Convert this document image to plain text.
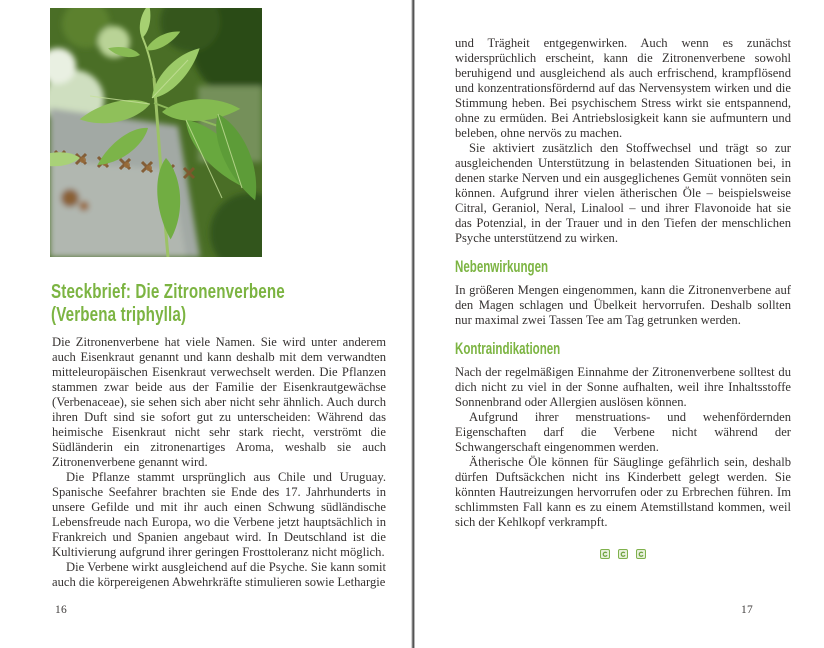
Steckbrief: Die Zitronenverbene
(Verbena triphylla)

Die Zitronenverbene hat viele Namen. Sie wird unter anderem auch Eisenkraut genannt und kann deshalb mit dem verwandten mitteleuropäischen Eisenkraut verwechselt werden. Die Pflanzen stammen zwar beide aus der Familie der Eisenkrautgewächse (Verbenaceae), sie sehen sich aber nicht sehr ähnlich. Auch durch ihren Duft sind sie sofort gut zu unterscheiden: Während das heimische Eisenkraut nicht sehr stark riecht, verströmt die Südländerin ein zitronenartiges Aroma, weshalb sie auch Zitronenverbene genannt wird.

Die Pflanze stammt ursprünglich aus Chile und Uruguay. Spanische Seefahrer brachten sie Ende des 17. Jahrhunderts in unsere Gefilde und mit ihr auch einen Schwung südländische Lebensfreude nach Europa, wo die Verbene jetzt hauptsächlich in Frankreich und Spanien angebaut wird. In Deutschland ist die Kultivierung aufgrund ihrer geringen Frosttoleranz nicht möglich.

Die Verbene wirkt ausgleichend auf die Psyche. Sie kann somit auch die körpereigenen Abwehrkräfte stimulieren sowie Lethargie

16

und Trägheit entgegenwirken. Auch wenn es zunächst widersprüchlich erscheint, kann die Zitronenverbene sowohl beruhigend und ausgleichend als auch erfrischend, krampflösend und konzentrationsfördernd auf das Nervensystem wirken und die Stimmung heben. Bei psychischem Stress wirkt sie entspannend, ohne zu ermüden. Bei Antriebslosigkeit kann sie aufmuntern und beleben, ohne nervös zu machen.

Sie aktiviert zusätzlich den Stoffwechsel und trägt so zur ausgleichenden Unterstützung in belastenden Situationen bei, in denen starke Nerven und ein ausgeglichenes Gemüt vonnöten sein können. Aufgrund ihrer vielen ätherischen Öle – beispielsweise Citral, Geraniol, Neral, Linalool – und ihrer Flavonoide hat sie das Potenzial, in der Trauer und in den Tiefen der menschlichen Psyche unterstützend zu wirken.

Nebenwirkungen

In größeren Mengen eingenommen, kann die Zitronenverbene auf den Magen schlagen und Übelkeit hervorrufen. Deshalb sollten nur maximal zwei Tassen Tee am Tag getrunken werden.

Kontraindikationen

Nach der regelmäßigen Einnahme der Zitronenverbene solltest du dich nicht zu viel in der Sonne aufhalten, weil ihre Inhaltsstoffe Sonnenbrand oder Allergien auslösen können.

Aufgrund ihrer menstruations- und wehenfördernden Eigenschaften darf die Verbene nicht während der Schwangerschaft eingenommen werden.

Ätherische Öle können für Säuglinge gefährlich sein, deshalb dürfen Duftsäckchen nicht ins Kinderbett gelegt werden. Sie könnten Hautreizungen hervorrufen oder zu Erbrechen führen. Im schlimmsten Fall kann es zu einem Atemstillstand kommen, weil sich der Kehlkopf verkrampft.

17
